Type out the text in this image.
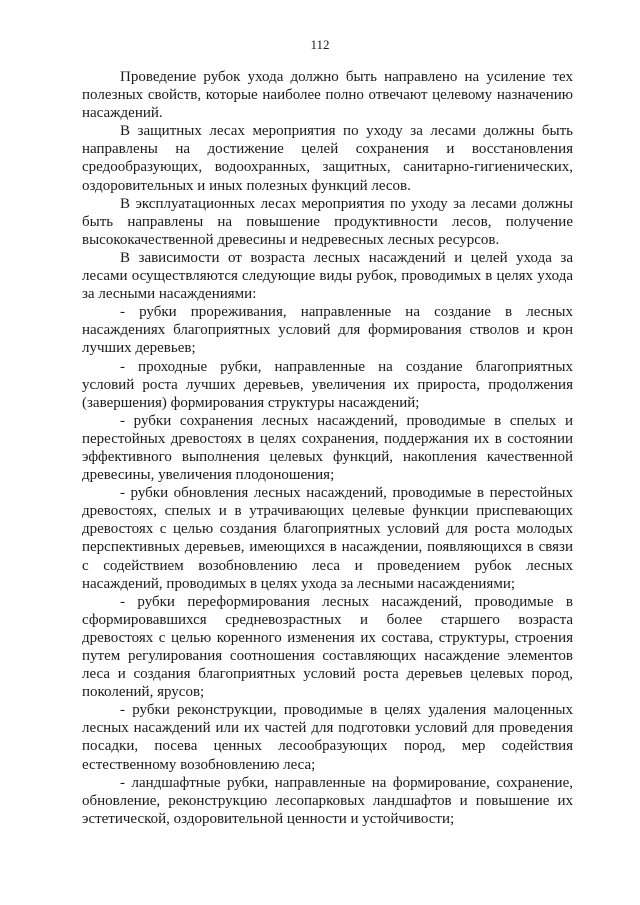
112

Проведение рубок ухода должно быть направлено на усиление тех полезных свойств, которые наиболее полно отвечают целевому назначению насаждений.

В защитных лесах мероприятия по уходу за лесами должны быть направлены на достижение целей сохранения и восстановления средообразующих, водоохранных, защитных, санитарно-гигиенических, оздоровительных и иных полезных функций лесов.

В эксплуатационных лесах мероприятия по уходу за лесами должны быть направлены на повышение продуктивности лесов, получение высококачественной древесины и недревесных лесных ресурсов.

В зависимости от возраста лесных насаждений и целей ухода за лесами осуществляются следующие виды рубок, проводимых в целях ухода за лесными насаждениями:

- рубки прореживания, направленные на создание в лесных насаждениях благоприятных условий для формирования стволов и крон лучших деревьев;

- проходные рубки, направленные на создание благоприятных условий роста лучших деревьев, увеличения их прироста, продолжения (завершения) формирования структуры насаждений;

- рубки сохранения лесных насаждений, проводимые в спелых и перестойных древостоях в целях сохранения, поддержания их в состоянии эффективного выполнения целевых функций, накопления качественной древесины, увеличения плодоношения;

- рубки обновления лесных насаждений, проводимые в перестойных древостоях, спелых и в утрачивающих целевые функции приспевающих древостоях с целью создания благоприятных условий для роста молодых перспективных деревьев, имеющихся в насаждении, появляющихся в связи с содействием возобновлению леса и проведением рубок лесных насаждений, проводимых в целях ухода за лесными насаждениями;

- рубки переформирования лесных насаждений, проводимые в сформировавшихся средневозрастных и более старшего возраста древостоях с целью коренного изменения их состава, структуры, строения путем регулирования соотношения составляющих насаждение элементов леса и создания благоприятных условий роста деревьев целевых пород, поколений, ярусов;

- рубки реконструкции, проводимые в целях удаления малоценных лесных насаждений или их частей для подготовки условий для проведения посадки, посева ценных лесообразующих пород, мер содействия естественному возобновлению леса;

- ландшафтные рубки, направленные на формирование, сохранение, обновление, реконструкцию лесопарковых ландшафтов и повышение их эстетической, оздоровительной ценности и устойчивости;
